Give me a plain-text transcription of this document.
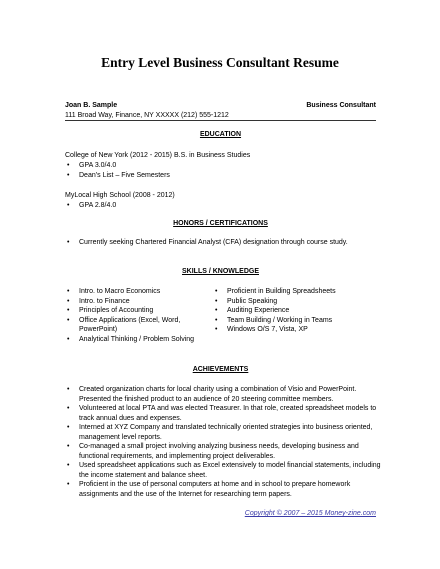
Entry Level Business Consultant Resume
Joan B. Sample	Business Consultant
111 Broad Way, Finance, NY XXXXX (212) 555-1212
EDUCATION
College of New York (2012 - 2015) B.S. in Business Studies
• GPA 3.0/4.0
• Dean’s List – Five Semesters
MyLocal High School (2008 - 2012)
• GPA 2.8/4.0
HONORS / CERTIFICATIONS
• Currently seeking Chartered Financial Analyst (CFA) designation through course study.
SKILLS / KNOWLEDGE
• Intro. to Macro Economics
• Intro. to Finance
• Principles of Accounting
• Office Applications (Excel, Word, PowerPoint)
• Analytical Thinking / Problem Solving
• Proficient in Building Spreadsheets
• Public Speaking
• Auditing Experience
• Team Building / Working in Teams
• Windows O/S 7, Vista, XP
ACHIEVEMENTS
• Created organization charts for local charity using a combination of Visio and PowerPoint. Presented the finished product to an audience of 20 steering committee members.
• Volunteered at local PTA and was elected Treasurer. In that role, created spreadsheet models to track annual dues and expenses.
• Interned at XYZ Company and translated technically oriented strategies into business oriented, management level reports.
• Co-managed a small project involving analyzing business needs, developing business and functional requirements, and implementing project deliverables.
• Used spreadsheet applications such as Excel extensively to model financial statements, including the income statement and balance sheet.
• Proficient in the use of personal computers at home and in school to prepare homework assignments and the use of the Internet for researching term papers.
Copyright © 2007 – 2015 Money-zine.com
